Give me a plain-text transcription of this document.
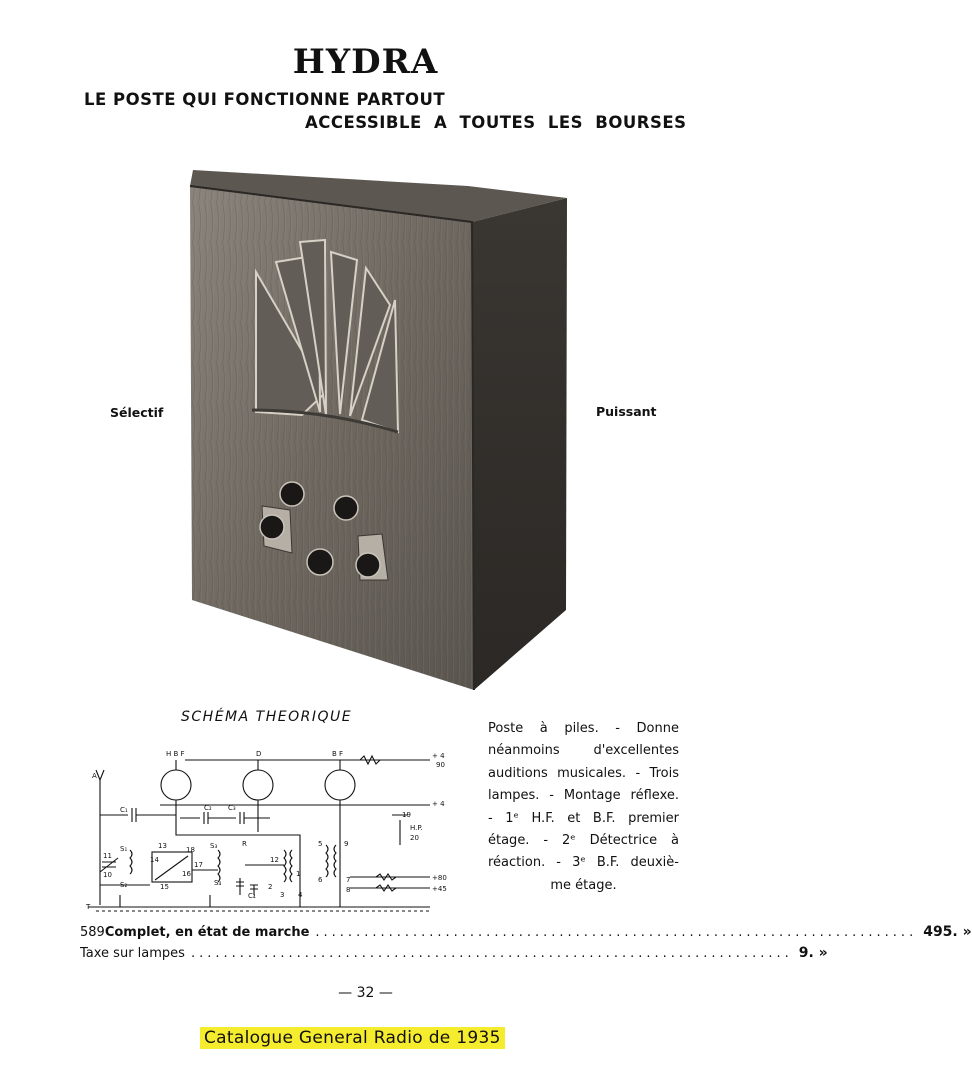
HYDRA
LE POSTE QUI FONCTIONNE PARTOUT
ACCESSIBLE A TOUTES LES BOURSES
Sélectif	Puissant
SCHÉMA THEORIQUE
H B F	D	B F	+ 4
90
+ 4
C₁	C₂ C₃
19
H.P.
20
S₁	13	18
17
16
15
14
11
10
S₂
S₃
S₄
R
12
1
2
3 4
5
6	7
8
9
C₄
+80
+45
T
A
Poste à piles. - Donne
néanmoins d'excellentes
auditions musicales. - Trois
lampes. - Montage réflexe.
- 1ᵉ H.F. et B.F. premier
étage. - 2ᵉ Détectrice à
réaction. - 3ᵉ B.F. deuxiè-
me étage.
589 Complet, en état de marche .......................................................................... 495. »
Taxe sur lampes .......................................................................... 9. »
— 32 —
Catalogue General Radio de 1935
